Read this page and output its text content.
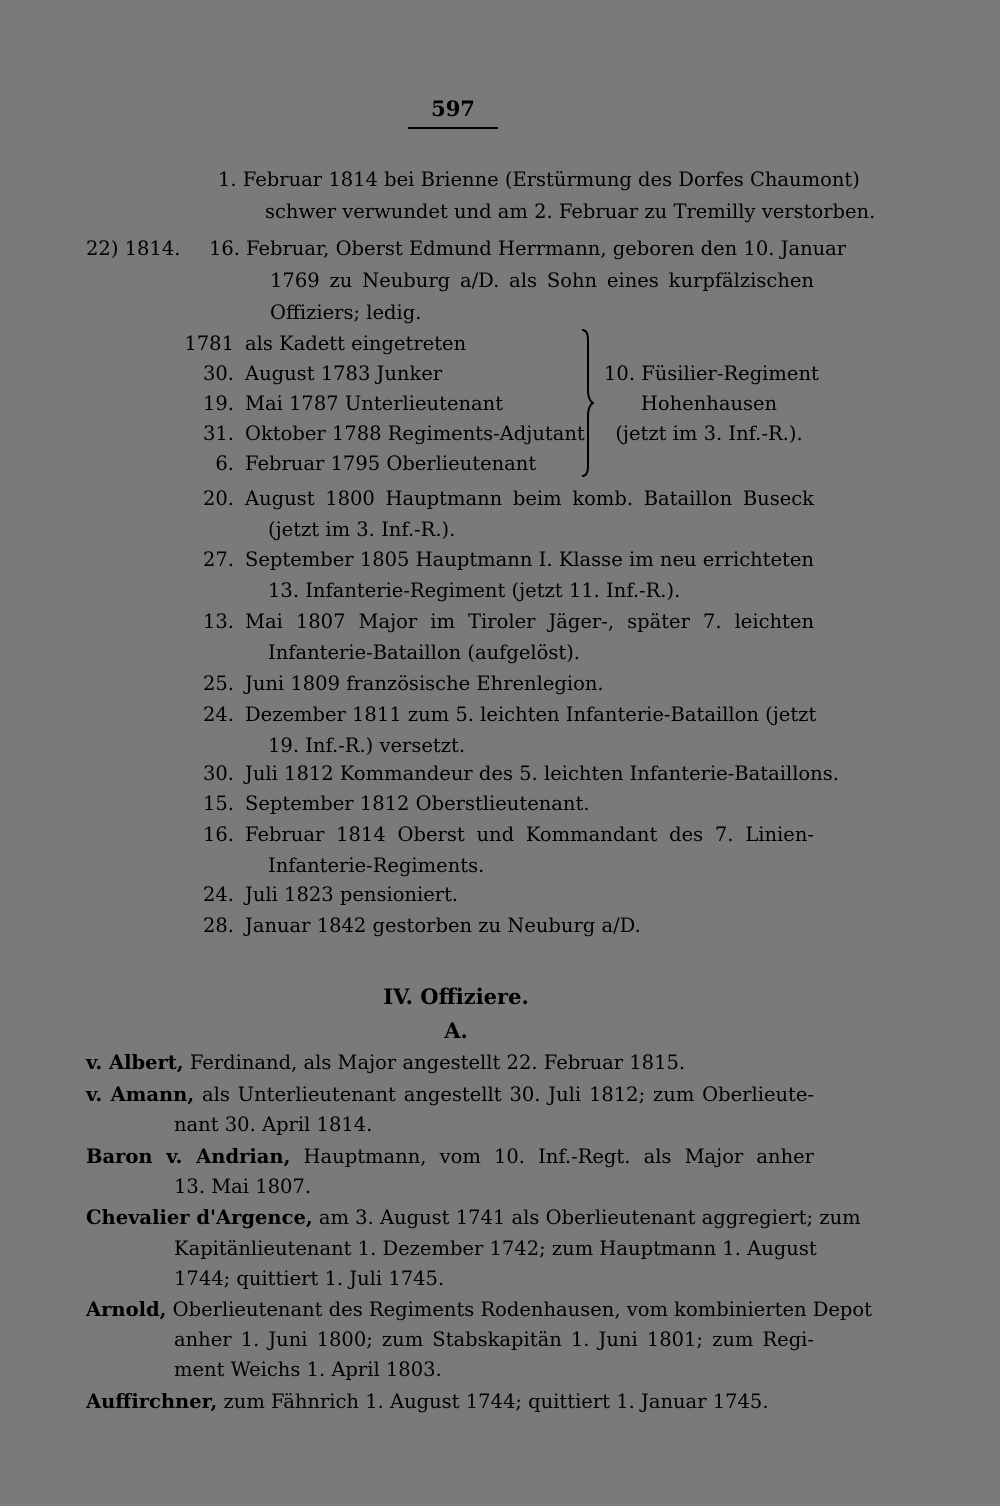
597
1. Februar 1814 bei Brienne (Erstürmung des Dorfes Chaumont)
schwer verwundet und am 2. Februar zu Tremilly verstorben.
22) 1814.	16. Februar, Oberst Edmund Herrmann, geboren den 10. Januar
1769 zu Neuburg a/D. als Sohn eines kurpfälzischen
Offiziers; ledig.
1781 als Kadett eingetreten
30. August 1783 Junker
19. Mai 1787 Unterlieutenant
31. Oktober 1788 Regiments-Adjutant
6. Februar 1795 Oberlieutenant
10. Füsilier-Regiment
Hohenhausen
(jetzt im 3. Inf.-R.).
20. August 1800 Hauptmann beim komb. Bataillon Buseck
(jetzt im 3. Inf.-R.).
27. September 1805 Hauptmann I. Klasse im neu errichteten
13. Infanterie-Regiment (jetzt 11. Inf.-R.).
13. Mai 1807 Major im Tiroler Jäger-, später 7. leichten
Infanterie-Bataillon (aufgelöst).
25. Juni 1809 französische Ehrenlegion.
24. Dezember 1811 zum 5. leichten Infanterie-Bataillon (jetzt
19. Inf.-R.) versetzt.
30. Juli 1812 Kommandeur des 5. leichten Infanterie-Bataillons.
15. September 1812 Oberstlieutenant.
16. Februar 1814 Oberst und Kommandant des 7. Linien-
Infanterie-Regiments.
24. Juli 1823 pensioniert.
28. Januar 1842 gestorben zu Neuburg a/D.
IV. Offiziere.
A.
v. Albert, Ferdinand, als Major angestellt 22. Februar 1815.
v. Amann, als Unterlieutenant angestellt 30. Juli 1812; zum Oberlieute-
nant 30. April 1814.
Baron v. Andrian, Hauptmann, vom 10. Inf.-Regt. als Major anher
13. Mai 1807.
Chevalier d'Argence, am 3. August 1741 als Oberlieutenant aggregiert; zum
Kapitänlieutenant 1. Dezember 1742; zum Hauptmann 1. August
1744; quittiert 1. Juli 1745.
Arnold, Oberlieutenant des Regiments Rodenhausen, vom kombinierten Depot
anher 1. Juni 1800; zum Stabskapitän 1. Juni 1801; zum Regi-
ment Weichs 1. April 1803.
Auffirchner, zum Fähnrich 1. August 1744; quittiert 1. Januar 1745.
